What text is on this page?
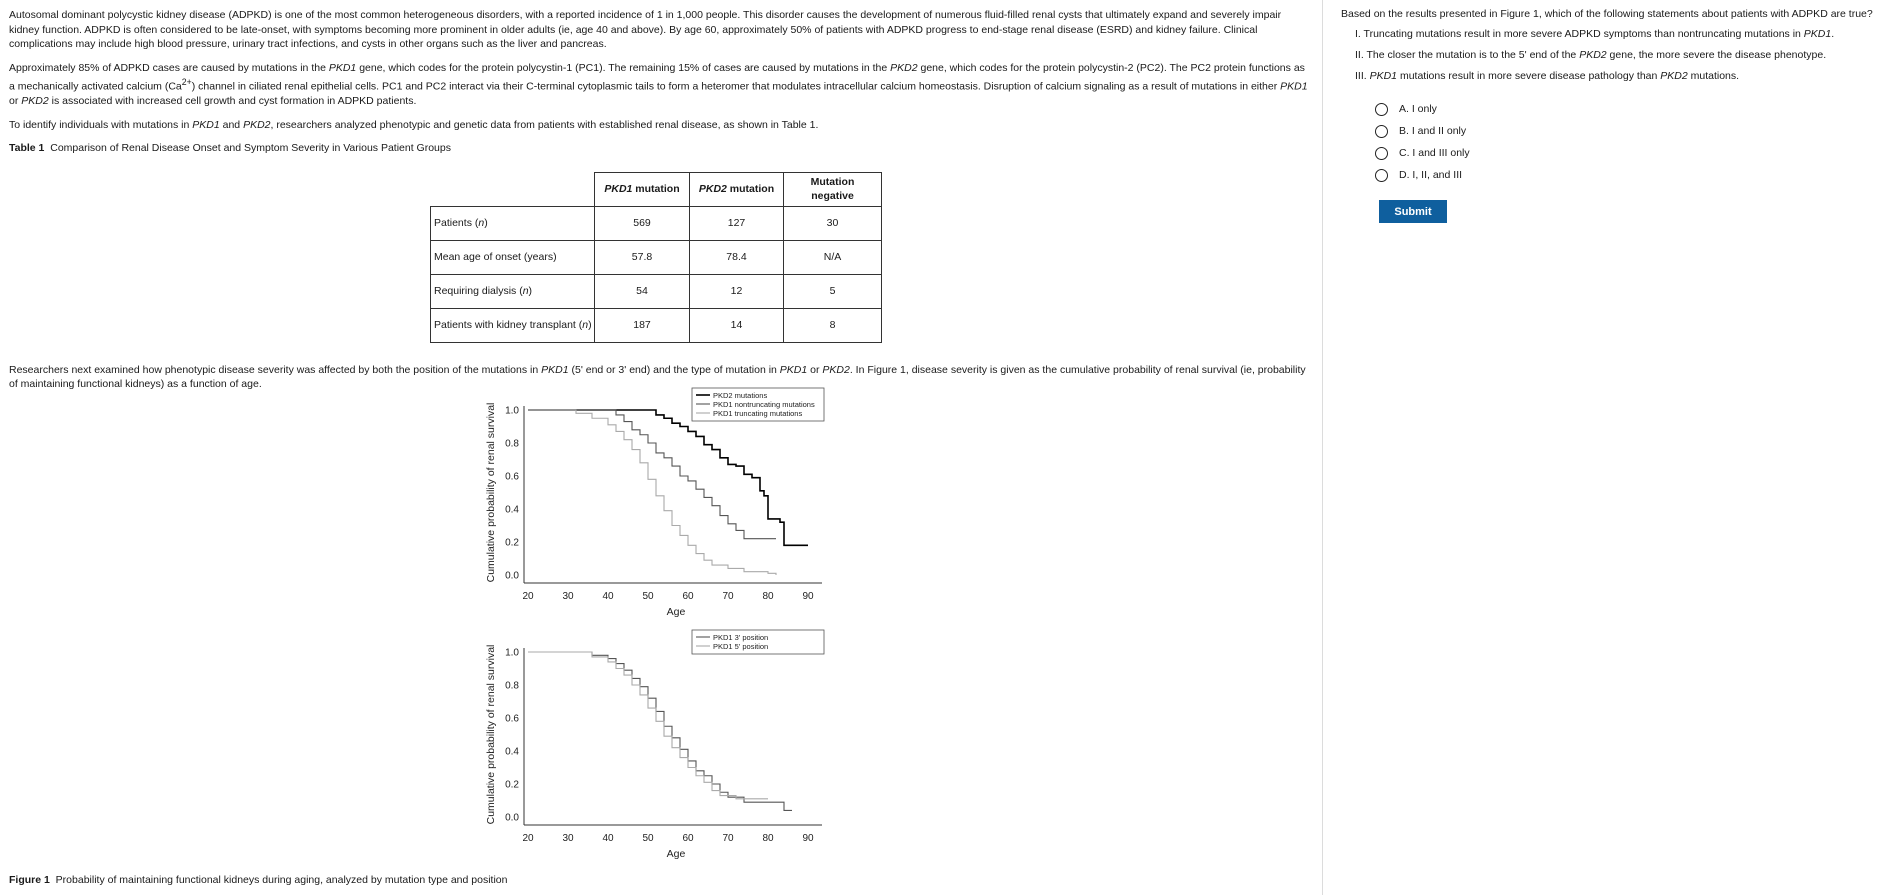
Autosomal dominant polycystic kidney disease (ADPKD) is one of the most common heterogeneous disorders, with a reported incidence of 1 in 1,000 people. This disorder causes the development of numerous fluid-filled renal cysts that ultimately expand and severely impair kidney function. ADPKD is often considered to be late-onset, with symptoms becoming more prominent in older adults (ie, age 40 and above). By age 60, approximately 50% of patients with ADPKD progress to end-stage renal disease (ESRD) and kidney failure. Clinical complications may include high blood pressure, urinary tract infections, and cysts in other organs such as the liver and pancreas.

Approximately 85% of ADPKD cases are caused by mutations in the PKD1 gene, which codes for the protein polycystin-1 (PC1). The remaining 15% of cases are caused by mutations in the PKD2 gene, which codes for the protein polycystin-2 (PC2). The PC2 protein functions as a mechanically activated calcium $(Ca^{2+})$ channel in ciliated renal epithelial cells. PC1 and PC2 interact via their C-terminal cytoplasmic tails to form a heteromer that modulates intracellular calcium homeostasis. Disruption of calcium signaling as a result of mutations in either PKD1 or PKD2 is associated with increased cell growth and cyst formation in ADPKD patients.

To identify individuals with mutations in PKD1 and PKD2, researchers analyzed phenotypic and genetic data from patients with established renal disease, as shown in Table 1.

Table 1  Comparison of Renal Disease Onset and Symptom Severity in Various Patient Groups

	PKD1 mutation	PKD2 mutation	Mutation negative
Patients (n)	569	127	30
Mean age of onset (years)	57.8	78.4	N/A
Requiring dialysis (n)	54	12	5
Patients with kidney transplant (n)	187	14	8

Researchers next examined how phenotypic disease severity was affected by both the position of the mutations in PKD1 (5' end or 3' end) and the type of mutation in PKD1 or PKD2. In Figure 1, disease severity is given as the cumulative probability of renal survival (ie, probability of maintaining functional kidneys) as a function of age.

0.0
0.2
0.4
0.6
0.8
1.0
20	30	40	50	60	70	80	90
Age
Cumulative probability of renal survival
PKD2 mutations
PKD1 nontruncating mutations
PKD1 truncating mutations
0.0
0.2
0.4
0.6
0.8
1.0
20	30	40	50	60	70	80	90
Age
Cumulative probability of renal survival
PKD1 3' position
PKD1 5' position

Figure 1  Probability of maintaining functional kidneys during aging, analyzed by mutation type and position

Based on the results presented in Figure 1, which of the following statements about patients with ADPKD are true?

I. Truncating mutations result in more severe ADPKD symptoms than nontruncating mutations in PKD1.

II. The closer the mutation is to the 5' end of the PKD2 gene, the more severe the disease phenotype.

III. PKD1 mutations result in more severe disease pathology than PKD2 mutations.

A. I only
B. I and II only
C. I and III only
D. I, II, and III
Submit
